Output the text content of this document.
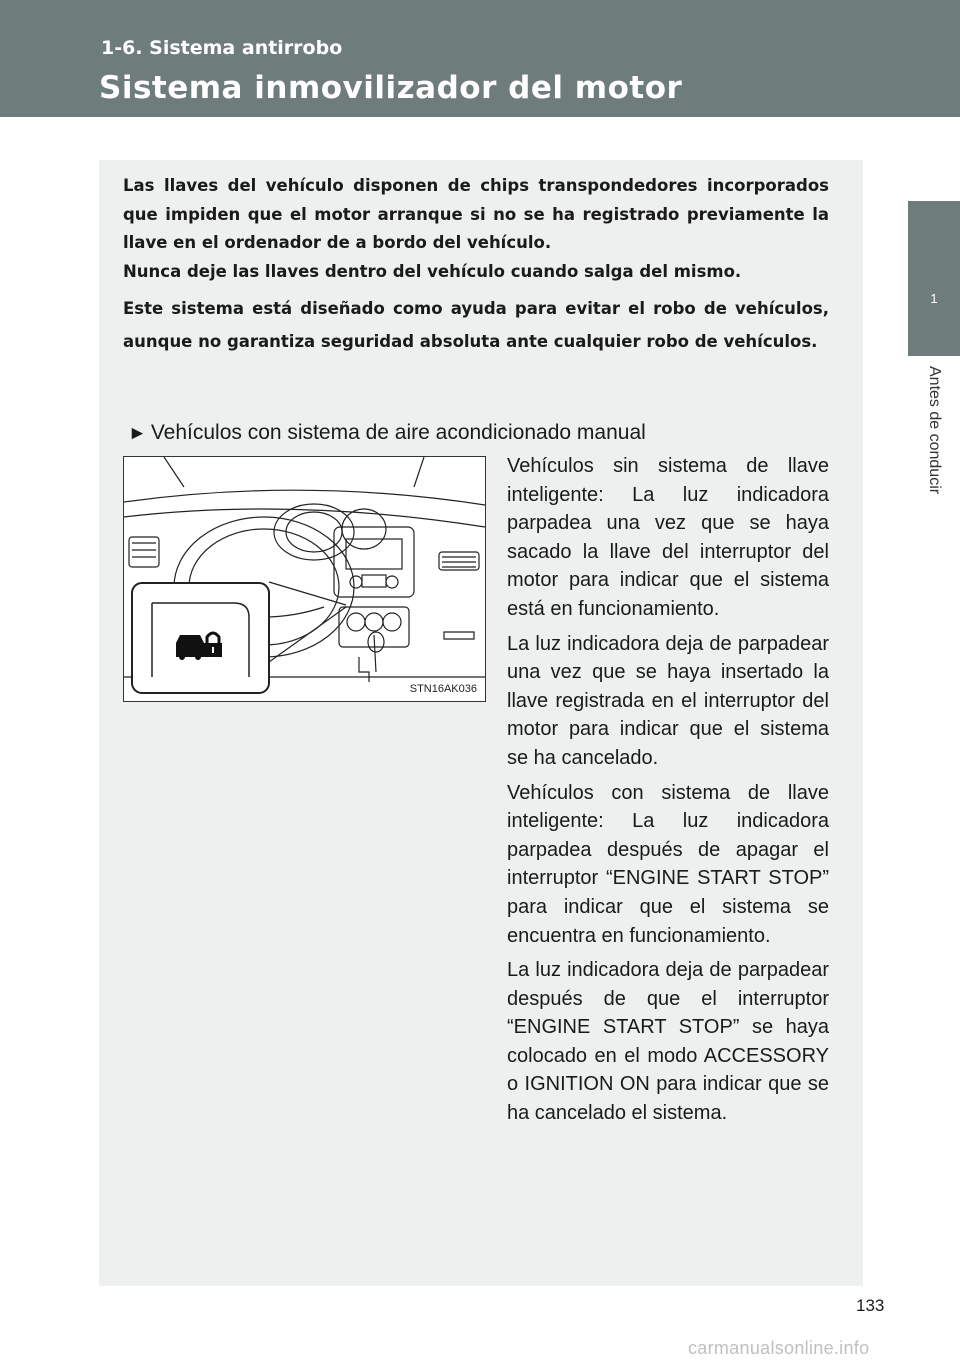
1-6. Sistema antirrobo
Sistema inmovilizador del motor
1
Antes de conducir

Las llaves del vehículo disponen de chips transpondedores incorporados que impiden que el motor arranque si no se ha registrado previamente la llave en el ordenador de a bordo del vehículo.

Nunca deje las llaves dentro del vehículo cuando salga del mismo.

Este sistema está diseñado como ayuda para evitar el robo de vehículos, aunque no garantiza seguridad absoluta ante cualquier robo de vehículos.

► Vehículos con sistema de aire acondicionado manual
STN16AK036

Vehículos sin sistema de llave inteligente: La luz indicadora parpadea una vez que se haya sacado la llave del interruptor del motor para indicar que el sistema está en funcionamiento.

La luz indicadora deja de parpadear una vez que se haya insertado la llave registrada en el interruptor del motor para indicar que el sistema se ha cancelado.

Vehículos con sistema de llave inteligente: La luz indicadora parpadea después de apagar el interruptor “ENGINE START STOP” para indicar que el sistema se encuentra en funcionamiento.

La luz indicadora deja de parpadear después de que el interruptor “ENGINE START STOP” se haya colocado en el modo ACCESSORY o IGNITION ON para indicar que se ha cancelado el sistema.

133
carmanualsonline.info
